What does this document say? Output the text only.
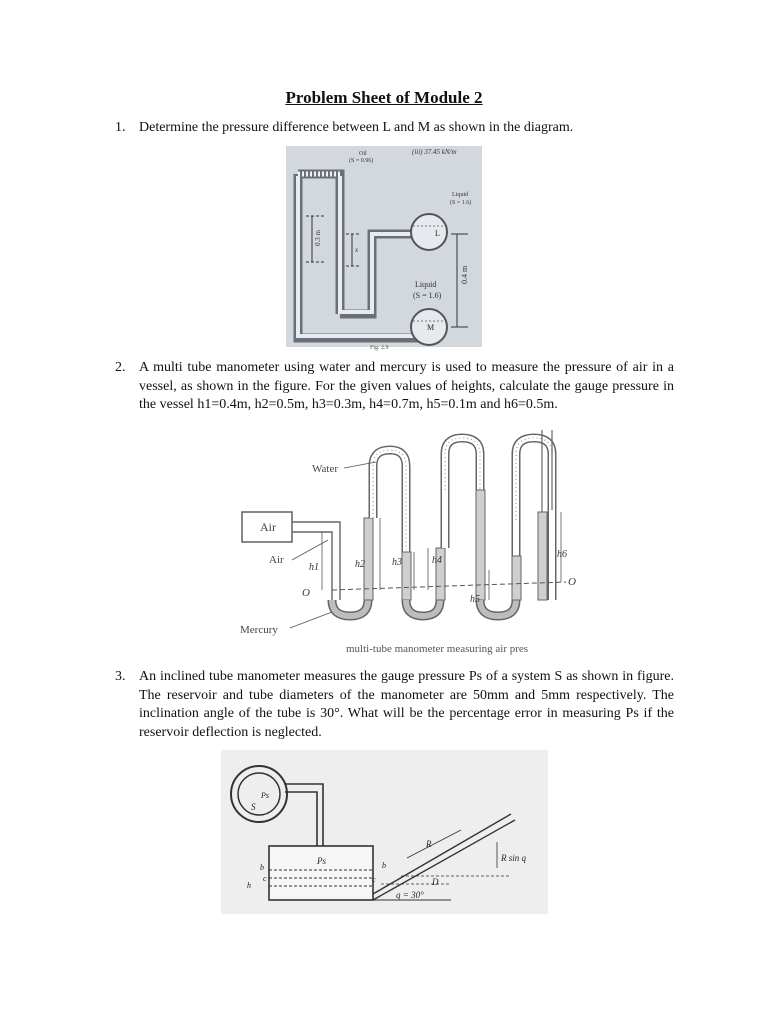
Problem Sheet of Module 2
1. Determine the pressure difference between L and M as shown in the diagram.
L
M
Oil
(S = 0.96)
(iii) 37.45 kN/m
Liquid
(S = 1.6)
Liquid
(S = 1.6)
0.3 m
x
0.4 m
Fig. 2.9
2. A multi tube manometer using water and mercury is used to measure the pressure of air in a vessel, as shown in the figure. For the given values of heights, calculate the gauge pressure in the vessel h1=0.4m, h2=0.5m, h3=0.3m, h4=0.7m, h5=0.1m and h6=0.5m.
Air
Water
Air
h1	h2	h3	h4
h5
h6
O
O
Mercury
multi-tube manometer measuring air pres
3. An inclined tube manometer measures the gauge pressure Ps of a system S as shown in figure. The reservoir and tube diameters of the manometer are 50mm and 5mm respectively. The inclination angle of the tube is 30°. What will be the percentage error in measuring Ps if the reservoir deflection is neglected.
Ps
S
Ps
b
c
h
b
c
R
D
R sin q
q = 30°
